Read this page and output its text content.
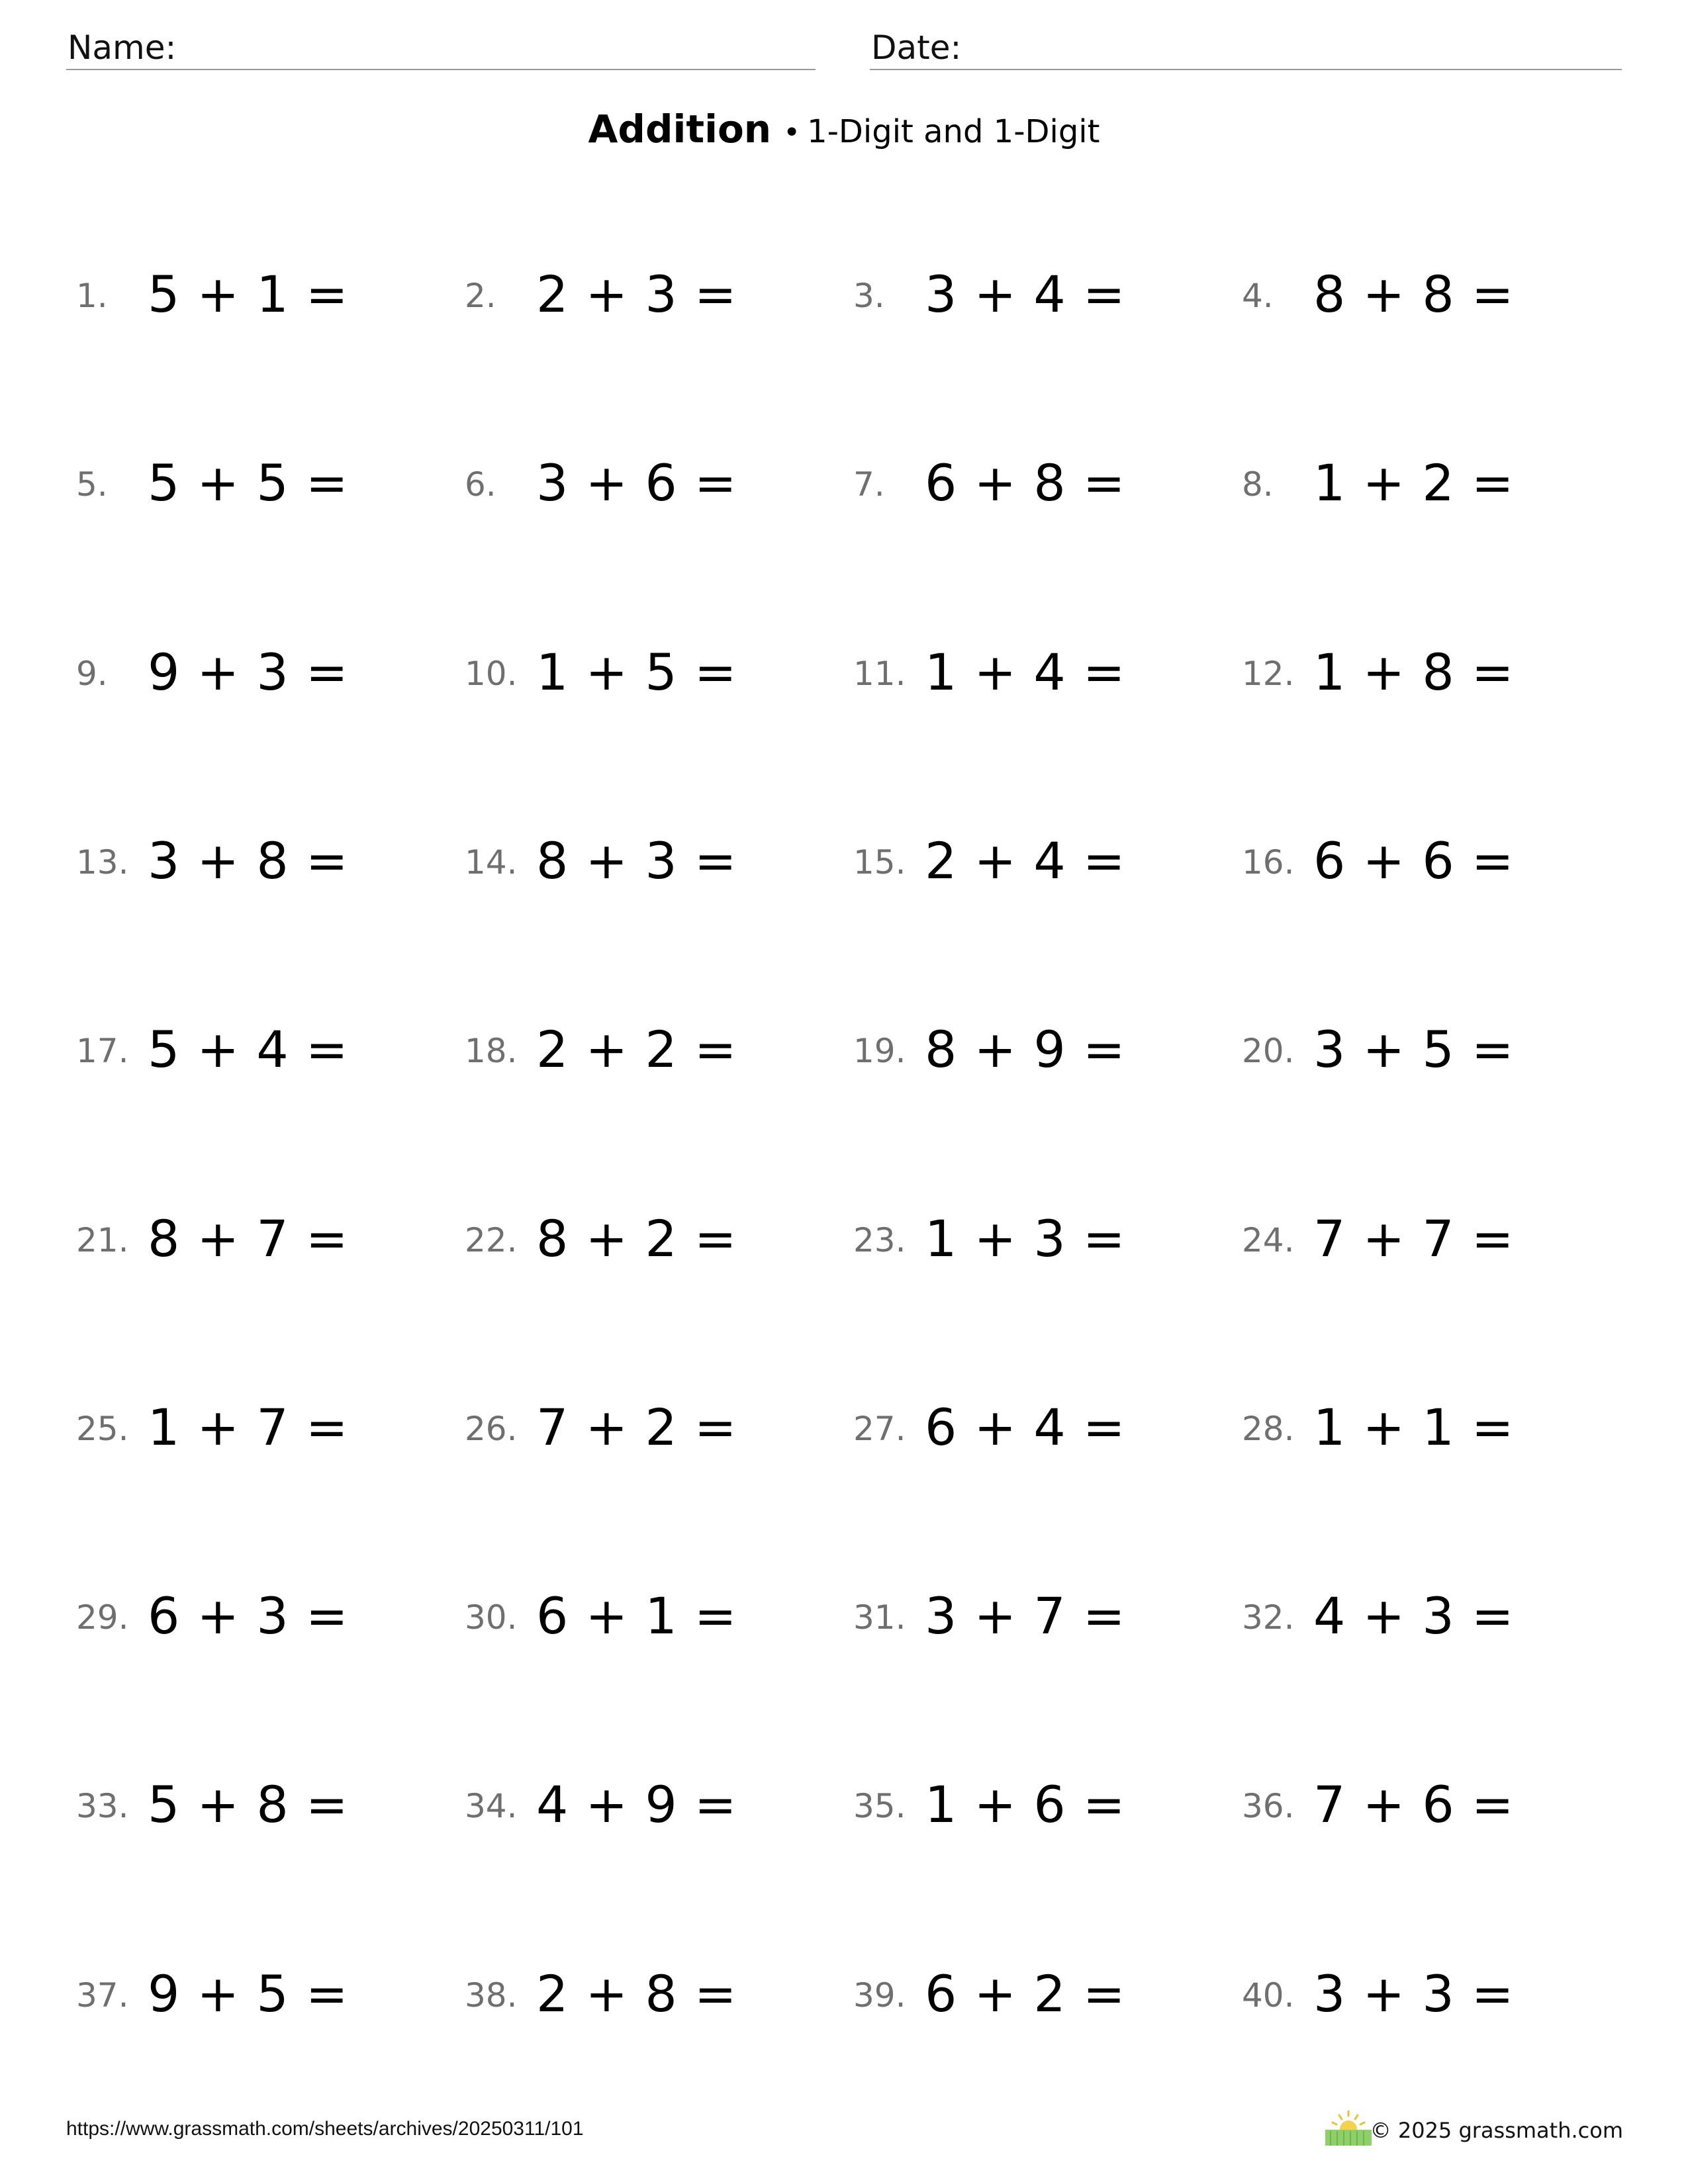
Name:	Date:
Addition • 1-Digit and 1-Digit
1. 5 + 1 =	2. 2 + 3 =	3. 3 + 4 =	4. 8 + 8 =
5. 5 + 5 =	6. 3 + 6 =	7. 6 + 8 =	8. 1 + 2 =
9. 9 + 3 =	10. 1 + 5 =	11. 1 + 4 =	12. 1 + 8 =
13. 3 + 8 =	14. 8 + 3 =	15. 2 + 4 =	16. 6 + 6 =
17. 5 + 4 =	18. 2 + 2 =	19. 8 + 9 =	20. 3 + 5 =
21. 8 + 7 =	22. 8 + 2 =	23. 1 + 3 =	24. 7 + 7 =
25. 1 + 7 =	26. 7 + 2 =	27. 6 + 4 =	28. 1 + 1 =
29. 6 + 3 =	30. 6 + 1 =	31. 3 + 7 =	32. 4 + 3 =
33. 5 + 8 =	34. 4 + 9 =	35. 1 + 6 =	36. 7 + 6 =
37. 9 + 5 =	38. 2 + 8 =	39. 6 + 2 =	40. 3 + 3 =
https://www.grassmath.com/sheets/archives/20250311/101	© 2025 grassmath.com
